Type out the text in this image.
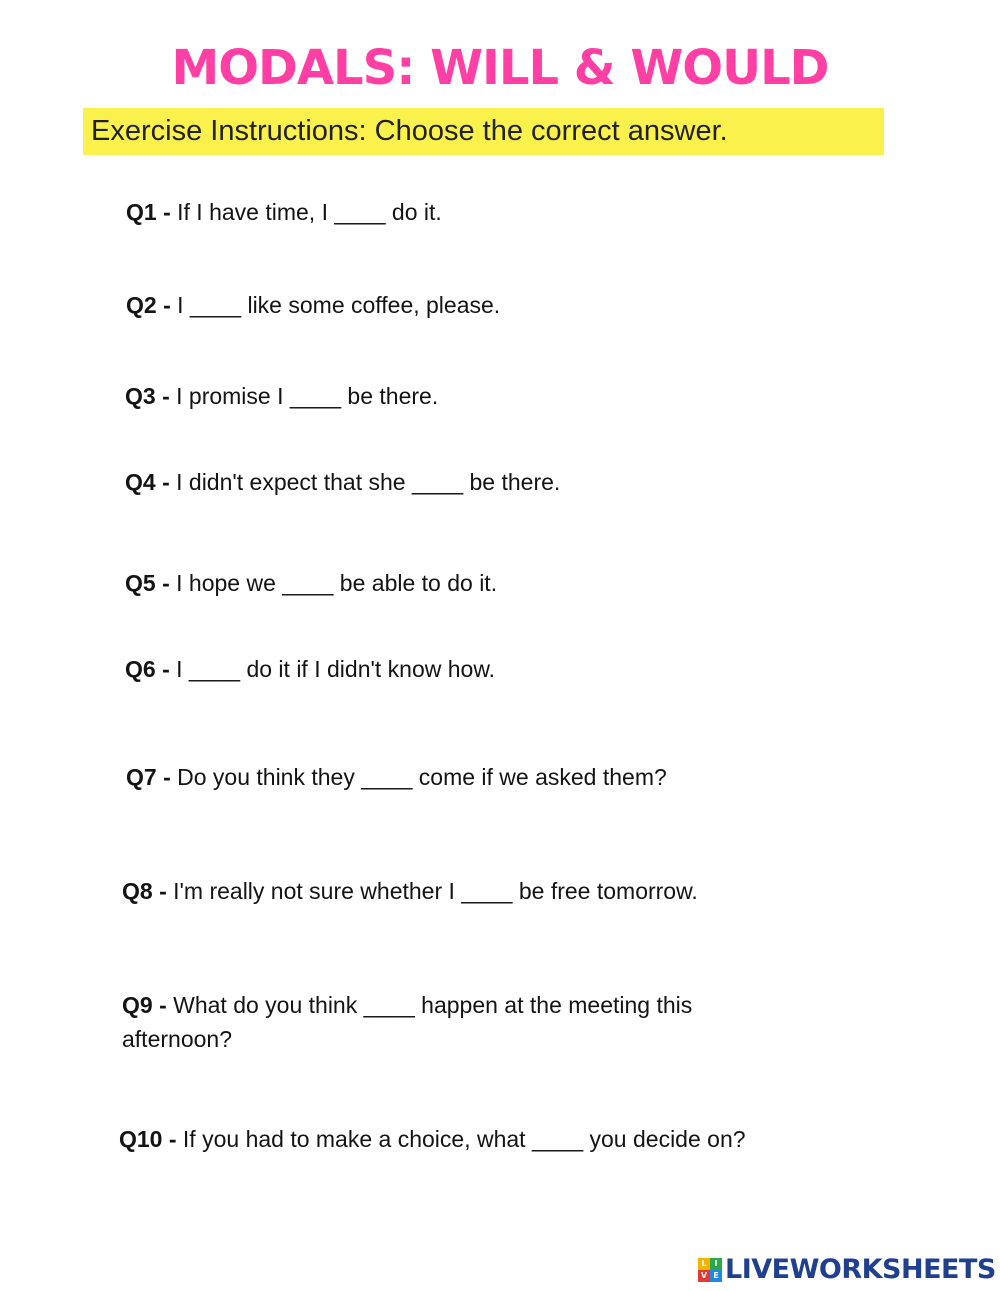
MODALS: WILL & WOULD
Exercise Instructions: Choose the correct answer.
Q1 - If I have time, I ____ do it.
Q2 - I ____ like some coffee, please.
Q3 - I promise I ____ be there.
Q4 - I didn't expect that she ____ be there.
Q5 - I hope we ____ be able to do it.
Q6 - I ____ do it if I didn't know how.
Q7 - Do you think they ____ come if we asked them?
Q8 - I'm really not sure whether I ____ be free tomorrow.
Q9 - What do you think ____ happen at the meeting this afternoon?
Q10 - If you had to make a choice, what ____ you decide on?
L I
V E LIVEWORKSHEETS
